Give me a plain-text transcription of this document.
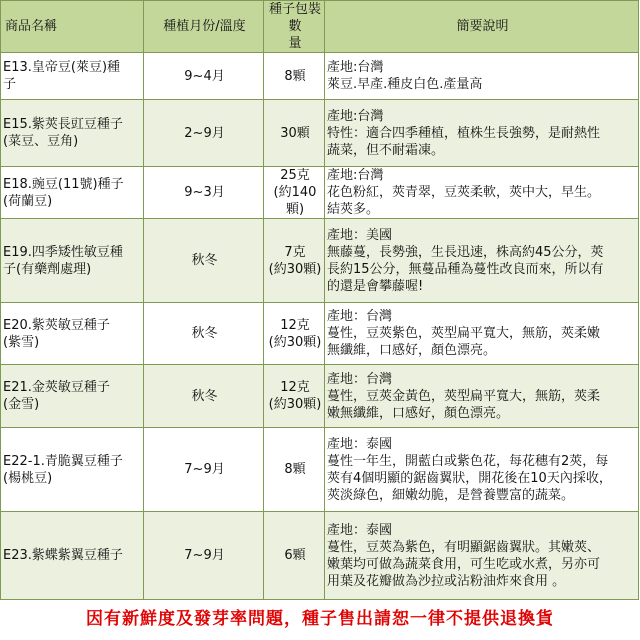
商品名稱	種植月份/溫度	種子包裝數
量	簡要說明

E13.皇帝豆(萊豆)種
子	9~4月	8顆	產地:台灣
萊豆.早產.種皮白色.產量高

E15.紫莢長豇豆種子
(菜豆、豆角)	2~9月	30顆	產地:台灣
特性：適合四季種植，植株生長強勢，是耐熱性
蔬菜，但不耐霜凍。

E18.豌豆(11號)種子
(荷蘭豆)	9~3月	25克
(約140顆)	產地:台灣
花色粉紅，莢青翠，豆莢柔軟，莢中大，早生。
結莢多。

E19.四季矮性敏豆種
子(有藥劑處理)	秋冬	7克
(約30顆)	產地：美國
無藤蔓，長勢強，生長迅速，株高約45公分，莢
長約15公分，無蔓品種為蔓性改良而來，所以有
的還是會攀藤喔!

E20.紫莢敏豆種子
(紫雪)	秋冬	12克
(約30顆)	產地：台灣
蔓性，豆莢紫色，莢型扁平寬大，無筋，莢柔嫩
無纖維，口感好，顏色漂亮。

E21.金莢敏豆種子
(金雪)	秋冬	12克
(約30顆)	產地：台灣
蔓性，豆莢金黃色，莢型扁平寬大，無筋，莢柔
嫩無纖維，口感好，顏色漂亮。

E22-1.青脆翼豆種子
(楊桃豆)	7~9月	8顆	產地：泰國
蔓性一年生，開藍白或紫色花，每花穗有2莢，每
莢有4個明顯的鋸齒翼狀，開花後在10天內採收，
莢淡綠色，細嫩幼脆，是營養豐富的蔬菜。

E23.紫蝶紫翼豆種子	7~9月	6顆	產地：泰國
蔓性，豆莢為紫色，有明顯鋸齒翼狀。其嫩莢、
嫩葉均可做為蔬菜食用，可生吃或水煮，另亦可
用葉及花瓣做為沙拉或沾粉油炸來食用 。
因有新鮮度及發芽率問題，種子售出請恕一律不提供退換貨
